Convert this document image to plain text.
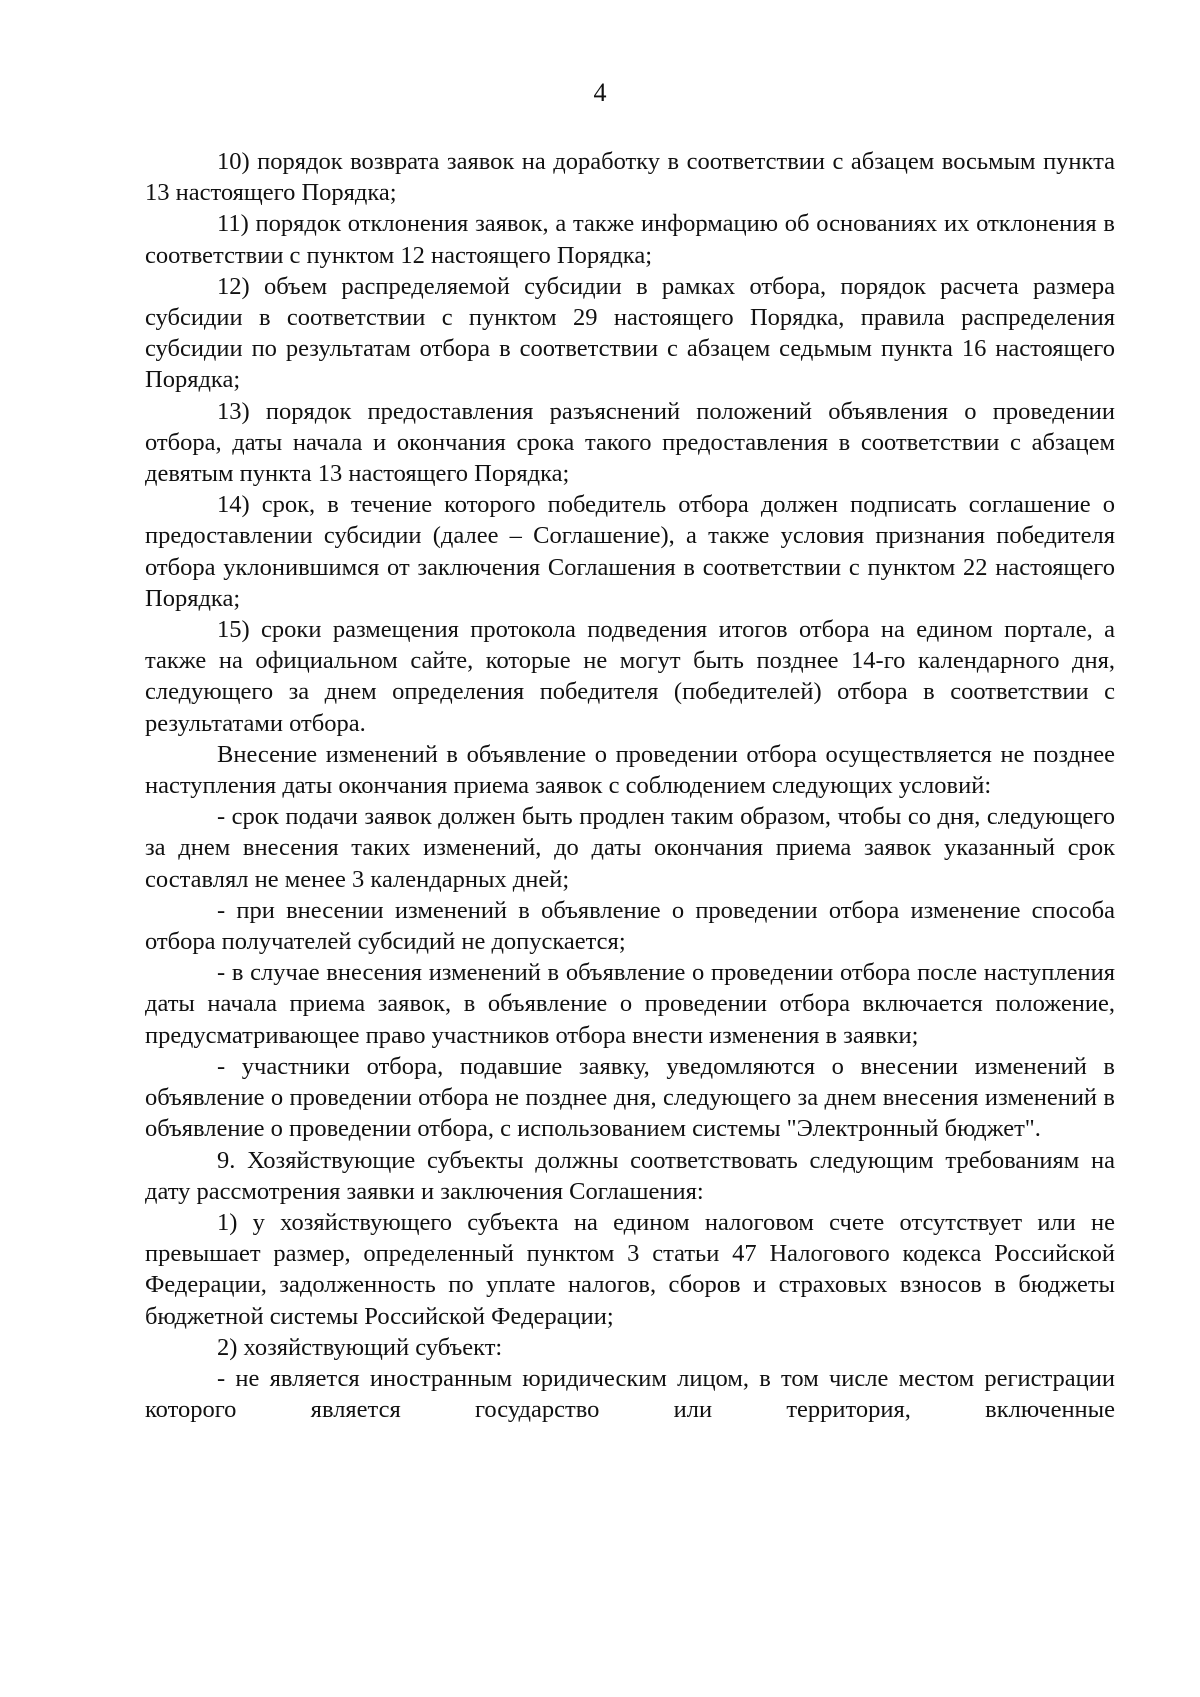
4

10) порядок возврата заявок на доработку в соответствии с абзацем восьмым пункта 13 настоящего Порядка;

11) порядок отклонения заявок, а также информацию об основаниях их отклонения в соответствии с пунктом 12 настоящего Порядка;

12) объем распределяемой субсидии в рамках отбора, порядок расчета размера субсидии в соответствии с пунктом 29 настоящего Порядка, правила распределения субсидии по результатам отбора в соответствии с абзацем седьмым пункта 16 настоящего Порядка;

13) порядок предоставления разъяснений положений объявления о проведении отбора, даты начала и окончания срока такого предоставления в соответствии с абзацем девятым пункта 13 настоящего Порядка;

14) срок, в течение которого победитель отбора должен подписать соглашение о предоставлении субсидии (далее – Соглашение), а также условия признания победителя отбора уклонившимся от заключения Соглашения в соответствии с пунктом 22 настоящего Порядка;

15) сроки размещения протокола подведения итогов отбора на едином портале, а также на официальном сайте, которые не могут быть позднее 14-го календарного дня, следующего за днем определения победителя (победителей) отбора в соответствии с результатами отбора.

Внесение изменений в объявление о проведении отбора осуществляется не позднее наступления даты окончания приема заявок с соблюдением следующих условий:

- срок подачи заявок должен быть продлен таким образом, чтобы со дня, следующего за днем внесения таких изменений, до даты окончания приема заявок указанный срок составлял не менее 3 календарных дней;

- при внесении изменений в объявление о проведении отбора изменение способа отбора получателей субсидий не допускается;

- в случае внесения изменений в объявление о проведении отбора после наступления даты начала приема заявок, в объявление о проведении отбора включается положение, предусматривающее право участников отбора внести изменения в заявки;

- участники отбора, подавшие заявку, уведомляются о внесении изменений в объявление о проведении отбора не позднее дня, следующего за днем внесения изменений в объявление о проведении отбора, с использованием системы "Электронный бюджет".

9. Хозяйствующие субъекты должны соответствовать следующим требованиям на дату рассмотрения заявки и заключения Соглашения:

1) у хозяйствующего субъекта на едином налоговом счете отсутствует или не превышает размер, определенный пунктом 3 статьи 47 Налогового кодекса Российской Федерации, задолженность по уплате налогов, сборов и страховых взносов в бюджеты бюджетной системы Российской Федерации;

2) хозяйствующий субъект:

- не является иностранным юридическим лицом, в том числе местом регистрации которого является государство или территория, включенные
